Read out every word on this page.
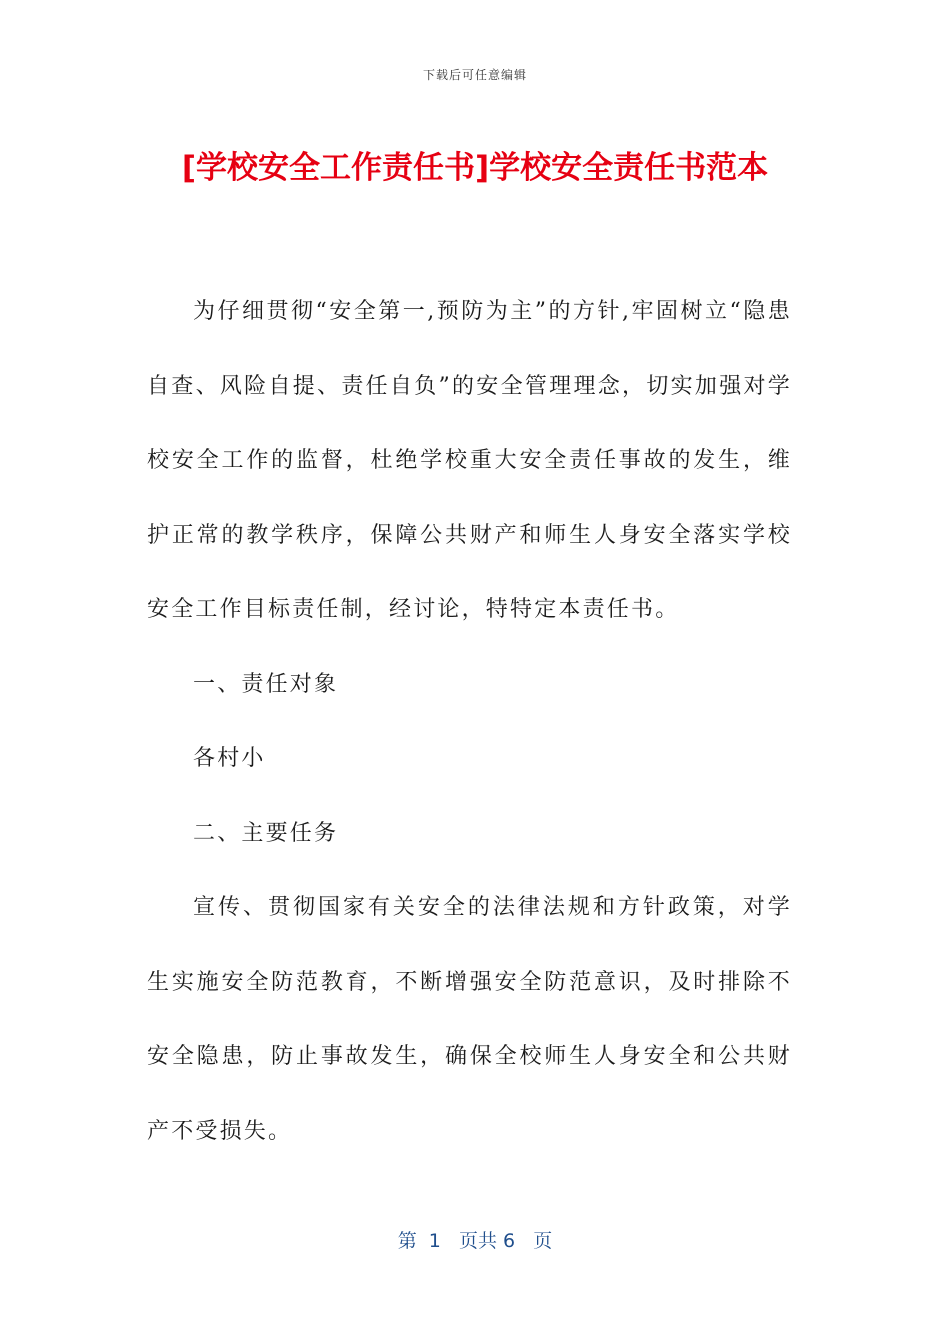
下载后可任意编辑
[学校安全工作责任书]学校安全责任书范本

为仔细贯彻“安全第一,预防为主”的方针,牢固树立“隐患自查、风险自提、责任自负”的安全管理理念，切实加强对学校安全工作的监督，杜绝学校重大安全责任事故的发生，维护正常的教学秩序，保障公共财产和师生人身安全落实学校安全工作目标责任制，经讨论，特特定本责任书。

一、责任对象

各村小

二、主要任务

宣传、贯彻国家有关安全的法律法规和方针政策，对学生实施安全防范教育，不断增强安全防范意识，及时排除不安全隐患，防止事故发生，确保全校师生人身安全和公共财产不受损失。

第  1   页共 6   页
